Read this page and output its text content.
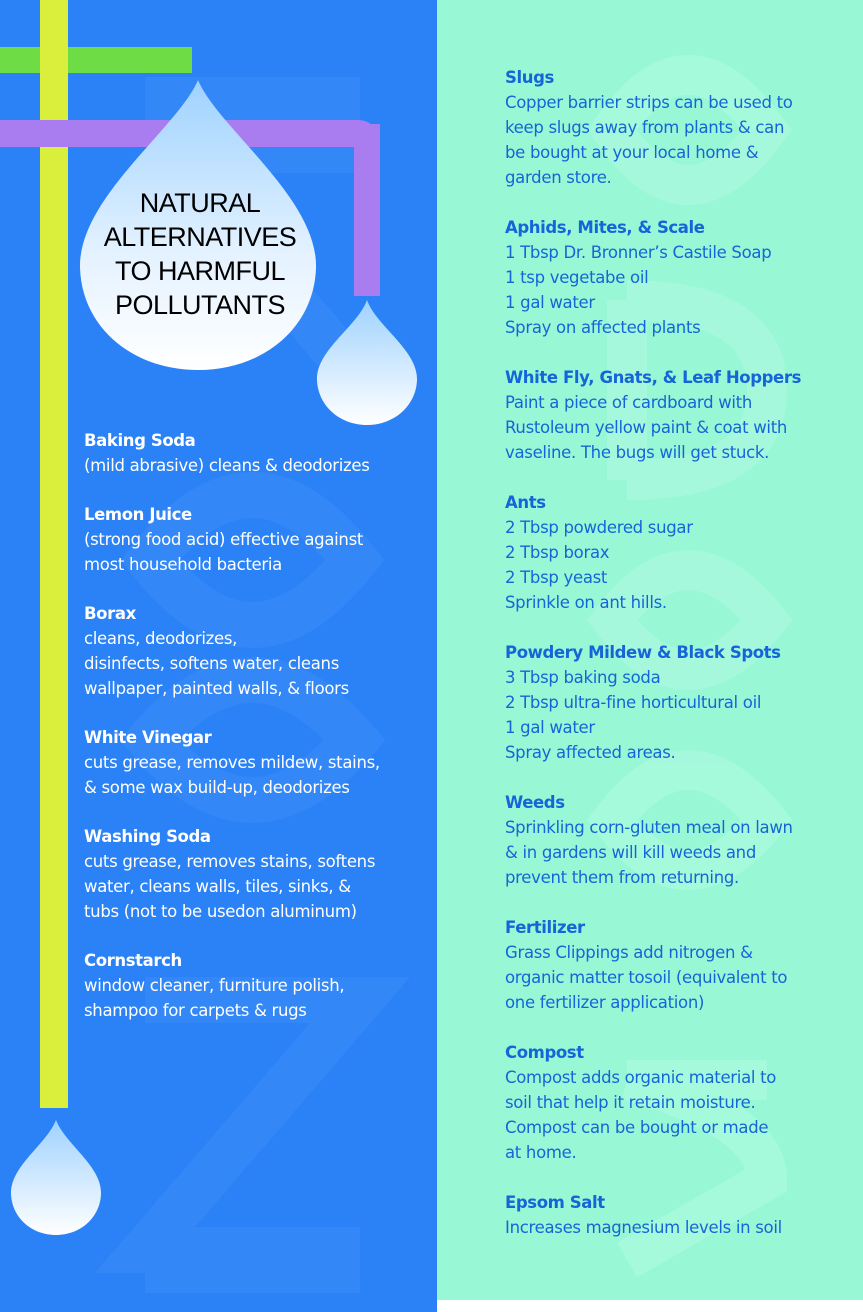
NATURAL
ALTERNATIVES
TO HARMFUL
POLLUTANTS
Baking Soda
(mild abrasive) cleans & deodorizes
Lemon Juice
(strong food acid) effective against
most household bacteria
Borax
cleans, deodorizes,
disinfects, softens water, cleans
wallpaper, painted walls, & floors
White Vinegar
cuts grease, removes mildew, stains,
& some wax build-up, deodorizes
Washing Soda
cuts grease, removes stains, softens
water, cleans walls, tiles, sinks, &
tubs (not to be usedon aluminum)
Cornstarch
window cleaner, furniture polish,
shampoo for carpets & rugs
Slugs
Copper barrier strips can be used to
keep slugs away from plants & can
be bought at your local home &
garden store.
Aphids, Mites, & Scale
1 Tbsp Dr. Bronner’s Castile Soap
1 tsp vegetabe oil
1 gal water
Spray on affected plants
White Fly, Gnats, & Leaf Hoppers
Paint a piece of cardboard with
Rustoleum yellow paint & coat with
vaseline. The bugs will get stuck.
Ants
2 Tbsp powdered sugar
2 Tbsp borax
2 Tbsp yeast
Sprinkle on ant hills.
Powdery Mildew & Black Spots
3 Tbsp baking soda
2 Tbsp ultra-fine horticultural oil
1 gal water
Spray affected areas.
Weeds
Sprinkling corn-gluten meal on lawn
& in gardens will kill weeds and
prevent them from returning.
Fertilizer
Grass Clippings add nitrogen &
organic matter tosoil (equivalent to
one fertilizer application)
Compost
Compost adds organic material to
soil that help it retain moisture.
Compost can be bought or made
at home.
Epsom Salt
Increases magnesium levels in soil
